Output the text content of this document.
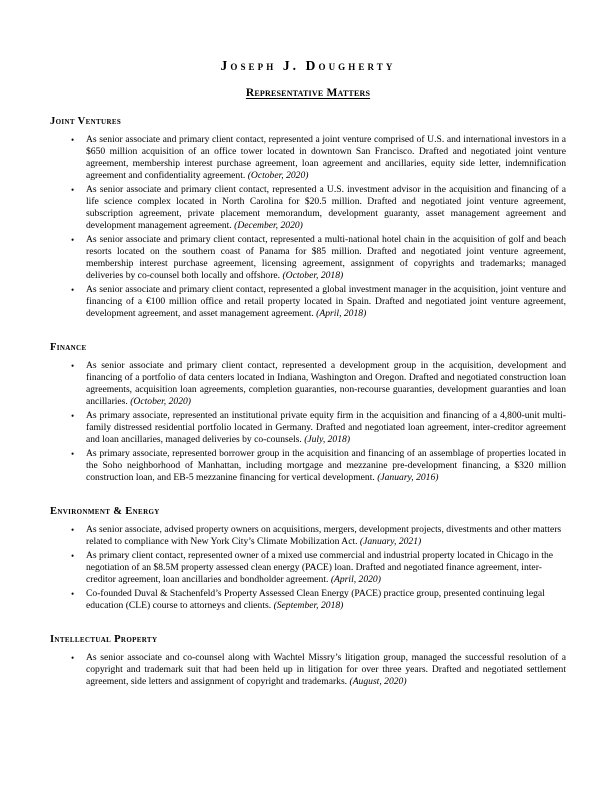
Joseph J. Dougherty
Representative Matters
Joint Ventures
• As senior associate and primary client contact, represented a joint venture comprised of U.S. and international investors in a $650 million acquisition of an office tower located in downtown San Francisco. Drafted and negotiated joint venture agreement, membership interest purchase agreement, loan agreement and ancillaries, equity side letter, indemnification agreement and confidentiality agreement. (October, 2020)
• As senior associate and primary client contact, represented a U.S. investment advisor in the acquisition and financing of a life science complex located in North Carolina for $20.5 million. Drafted and negotiated joint venture agreement, subscription agreement, private placement memorandum, development guaranty, asset management agreement and development management agreement. (December, 2020)
• As senior associate and primary client contact, represented a multi-national hotel chain in the acquisition of golf and beach resorts located on the southern coast of Panama for $85 million. Drafted and negotiated joint venture agreement, membership interest purchase agreement, licensing agreement, assignment of copyrights and trademarks; managed deliveries by co-counsel both locally and offshore. (October, 2018)
• As senior associate and primary client contact, represented a global investment manager in the acquisition, joint venture and financing of a €100 million office and retail property located in Spain. Drafted and negotiated joint venture agreement, development agreement, and asset management agreement. (April, 2018)
Finance
• As senior associate and primary client contact, represented a development group in the acquisition, development and financing of a portfolio of data centers located in Indiana, Washington and Oregon. Drafted and negotiated construction loan agreements, acquisition loan agreements, completion guaranties, non-recourse guaranties, development guaranties and loan ancillaries. (October, 2020)
• As primary associate, represented an institutional private equity firm in the acquisition and financing of a 4,800-unit multi-family distressed residential portfolio located in Germany. Drafted and negotiated loan agreement, inter-creditor agreement and loan ancillaries, managed deliveries by co-counsels. (July, 2018)
• As primary associate, represented borrower group in the acquisition and financing of an assemblage of properties located in the Soho neighborhood of Manhattan, including mortgage and mezzanine pre-development financing, a $320 million construction loan, and EB-5 mezzanine financing for vertical development. (January, 2016)
Environment & Energy
• As senior associate, advised property owners on acquisitions, mergers, development projects, divestments and other matters related to compliance with New York City’s Climate Mobilization Act. (January, 2021)
• As primary client contact, represented owner of a mixed use commercial and industrial property located in Chicago in the negotiation of an $8.5M property assessed clean energy (PACE) loan. Drafted and negotiated finance agreement, inter-creditor agreement, loan ancillaries and bondholder agreement. (April, 2020)
• Co-founded Duval & Stachenfeld’s Property Assessed Clean Energy (PACE) practice group, presented continuing legal education (CLE) course to attorneys and clients. (September, 2018)
Intellectual Property
• As senior associate and co-counsel along with Wachtel Missry’s litigation group, managed the successful resolution of a copyright and trademark suit that had been held up in litigation for over three years. Drafted and negotiated settlement agreement, side letters and assignment of copyright and trademarks. (August, 2020)
